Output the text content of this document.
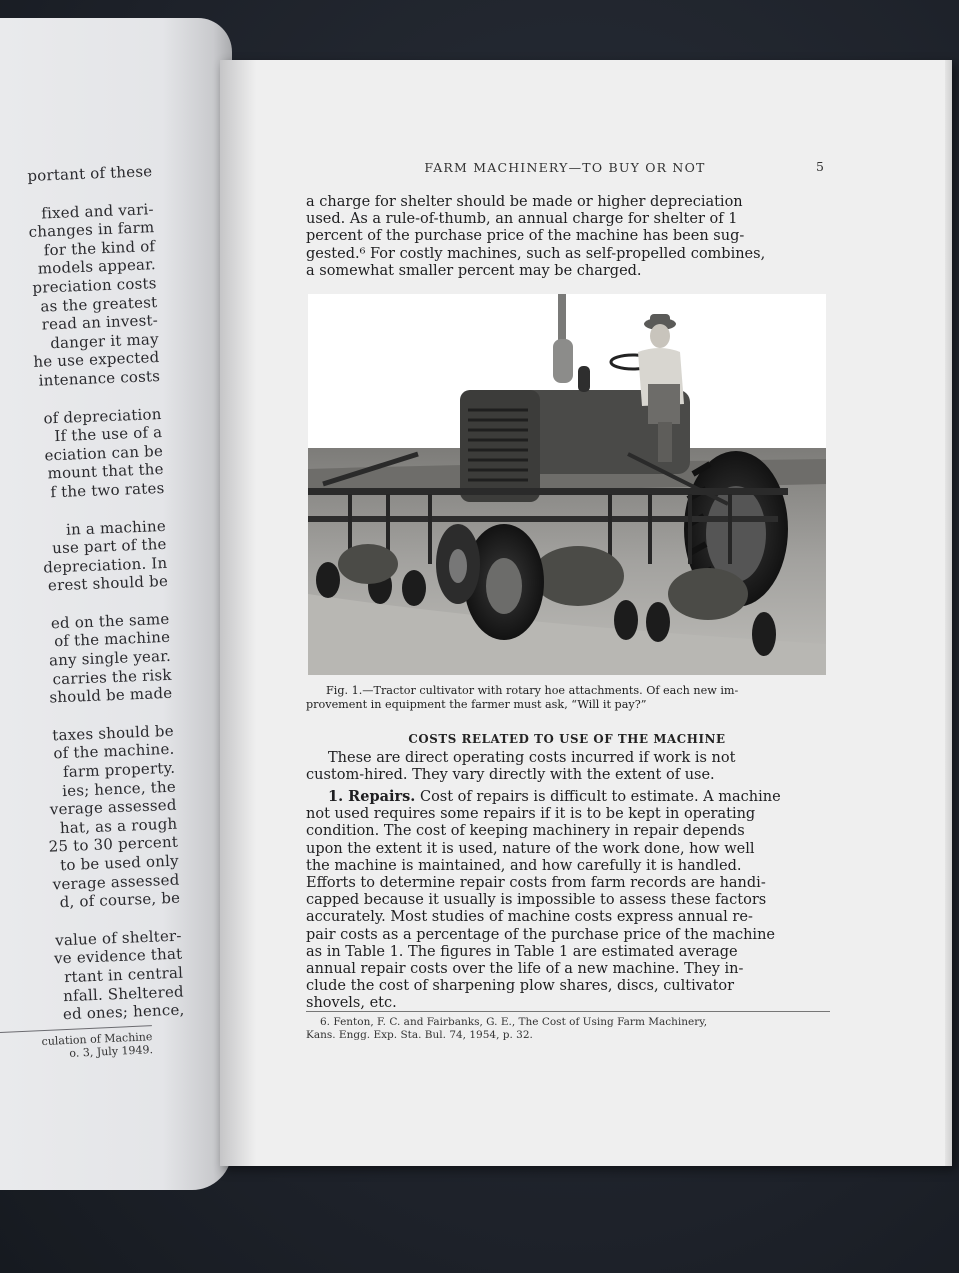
portant of these
fixed and vari-
changes in farm
for the kind of
models appear.
preciation costs
as the greatest
read an invest-
danger it may
he use expected
intenance costs
of depreciation
If the use of a
eciation can be
mount that the
f the two rates
in a machine
use part of the
depreciation. In
erest should be
ed on the same
of the machine
any single year.
carries the risk
should be made
taxes should be
of the machine.
farm property.
ies; hence, the
verage assessed
hat, as a rough
25 to 30 percent
to be used only
verage assessed
d, of course, be
value of shelter-
ve evidence that
rtant in central
nfall. Sheltered
ed ones; hence,
culation of Machine
o. 3, July 1949.
FARM MACHINERY—TO BUY OR NOT	5
a charge for shelter should be made or higher depreciation
used. As a rule-of-thumb, an annual charge for shelter of 1
percent of the purchase price of the machine has been sug-
gested.⁶ For costly machines, such as self-propelled combines,
a somewhat smaller percent may be charged.
Fig. 1.—Tractor cultivator with rotary hoe attachments. Of each new im-
provement in equipment the farmer must ask, “Will it pay?”
COSTS RELATED TO USE OF THE MACHINE
These are direct operating costs incurred if work is not
custom-hired. They vary directly with the extent of use.
1. Repairs. Cost of repairs is difficult to estimate. A machine
not used requires some repairs if it is to be kept in operating
condition. The cost of keeping machinery in repair depends
upon the extent it is used, nature of the work done, how well
the machine is maintained, and how carefully it is handled.
Efforts to determine repair costs from farm records are handi-
capped because it usually is impossible to assess these factors
accurately. Most studies of machine costs express annual re-
pair costs as a percentage of the purchase price of the machine
as in Table 1. The figures in Table 1 are estimated average
annual repair costs over the life of a new machine. They in-
clude the cost of sharpening plow shares, discs, cultivator
shovels, etc.
6. Fenton, F. C. and Fairbanks, G. E., The Cost of Using Farm Machinery,
Kans. Engg. Exp. Sta. Bul. 74, 1954, p. 32.
